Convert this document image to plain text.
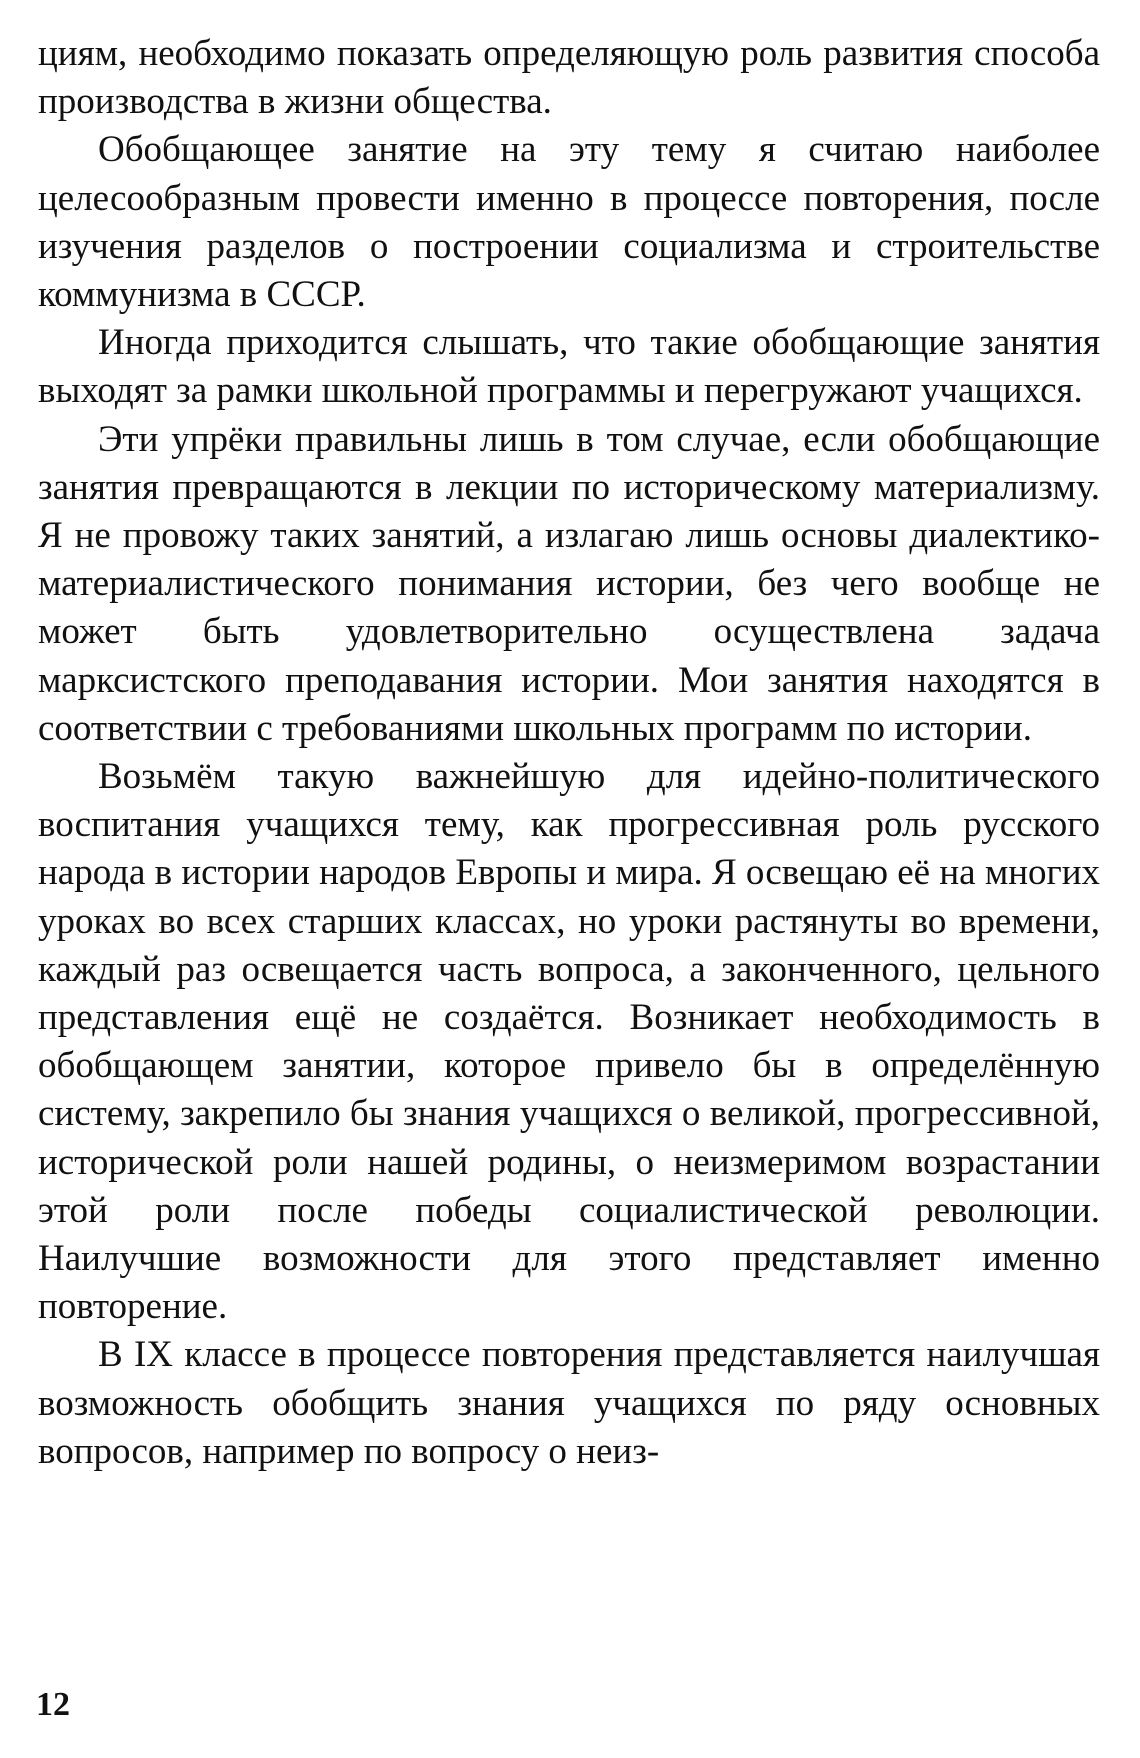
циям, необходимо показать определяющую роль развития способа производства в жизни общества.

Обобщающее занятие на эту тему я считаю наиболее целесообразным провести именно в процессе повторения, после изучения разделов о построении социализма и строительстве коммунизма в СССР.

Иногда приходится слышать, что такие обобщающие занятия выходят за рамки школьной программы и перегружают учащихся.

Эти упрёки правильны лишь в том случае, если обобщающие занятия превращаются в лекции по историческому материализму. Я не провожу таких занятий, а излагаю лишь основы диалектико-материалистического понимания истории, без чего вообще не может быть удовлетворительно осуществлена задача марксистского преподавания истории. Мои занятия находятся в соответствии с требованиями школьных программ по истории.

Возьмём такую важнейшую для идейно-политического воспитания учащихся тему, как прогрессивная роль русского народа в истории народов Европы и мира. Я освещаю её на многих уроках во всех старших классах, но уроки растянуты во времени, каждый раз освещается часть вопроса, а законченного, цельного представления ещё не создаётся. Возникает необходимость в обобщающем занятии, которое привело бы в определённую систему, закрепило бы знания учащихся о великой, прогрессивной, исторической роли нашей родины, о неизмеримом возрастании этой роли после победы социалистической революции. Наилучшие возможности для этого представляет именно повторение.

В IX классе в процессе повторения представляется наилучшая возможность обобщить знания учащихся по ряду основных вопросов, например по вопросу о неиз-

12
